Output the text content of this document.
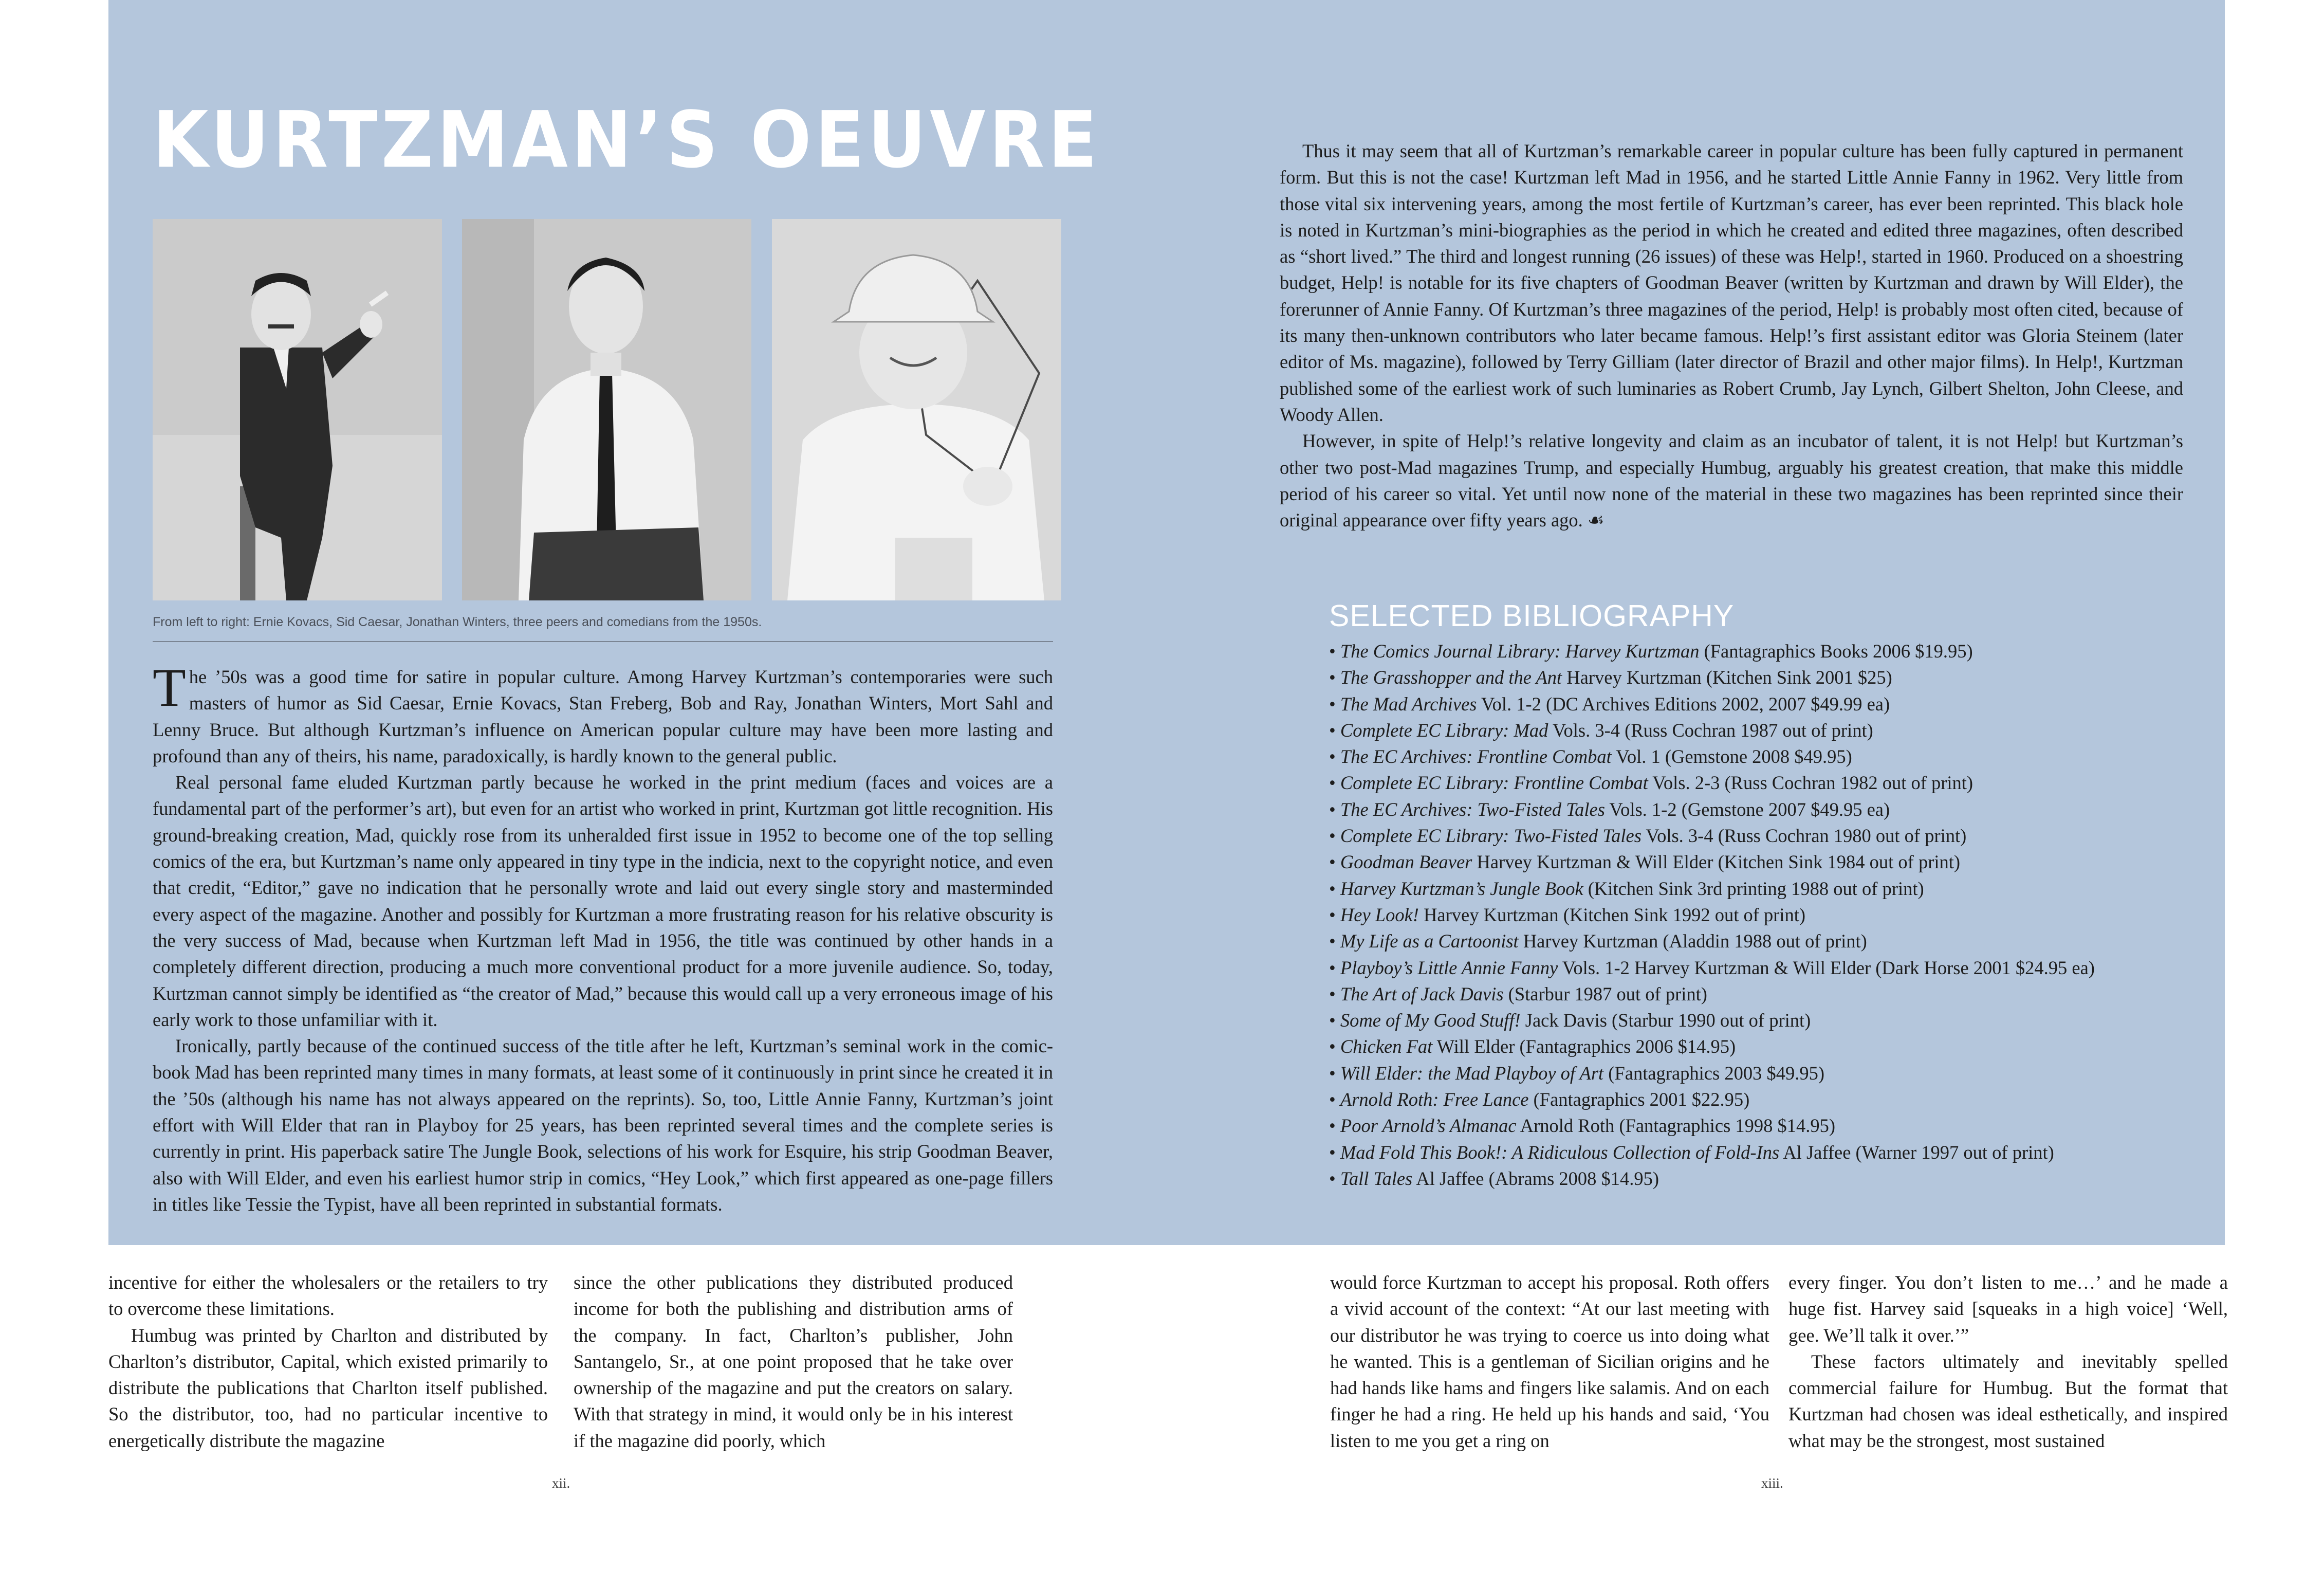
KURTZMAN’S OEUVRE
From left to right: Ernie Kovacs, Sid Caesar, Jonathan Winters, three peers and comedians from the 1950s.

The ’50s was a good time for satire in popular culture. Among Harvey Kurtzman’s contemporaries were such masters of humor as Sid Caesar, Ernie Kovacs, Stan Freberg, Bob and Ray, Jonathan Winters, Mort Sahl and Lenny Bruce. But although Kurtzman’s influence on American popular culture may have been more lasting and profound than any of theirs, his name, paradoxically, is hardly known to the general public.

Real personal fame eluded Kurtzman partly because he worked in the print medium (faces and voices are a fundamental part of the performer’s art), but even for an artist who worked in print, Kurtzman got little recognition. His ground-breaking creation, Mad, quickly rose from its unheralded first issue in 1952 to become one of the top selling comics of the era, but Kurtzman’s name only appeared in tiny type in the indicia, next to the copyright notice, and even that credit, “Editor,” gave no indication that he personally wrote and laid out every single story and masterminded every aspect of the magazine. Another and possibly for Kurtzman a more frustrating reason for his relative obscurity is the very success of Mad, because when Kurtzman left Mad in 1956, the title was continued by other hands in a completely different direction, producing a much more conventional product for a more juvenile audience. So, today, Kurtzman cannot simply be identified as “the creator of Mad,” because this would call up a very erroneous image of his early work to those unfamiliar with it.

Ironically, partly because of the continued success of the title after he left, Kurtzman’s seminal work in the comic-book Mad has been reprinted many times in many formats, at least some of it continuously in print since he created it in the ’50s (although his name has not always appeared on the reprints). So, too, Little Annie Fanny, Kurtzman’s joint effort with Will Elder that ran in Playboy for 25 years, has been reprinted several times and the complete series is currently in print. His paperback satire The Jungle Book, selections of his work for Esquire, his strip Goodman Beaver, also with Will Elder, and even his earliest humor strip in comics, “Hey Look,” which first appeared as one-page fillers in titles like Tessie the Typist, have all been reprinted in substantial formats.

Thus it may seem that all of Kurtzman’s remarkable career in popular culture has been fully captured in permanent form. But this is not the case! Kurtzman left Mad in 1956, and he started Little Annie Fanny in 1962. Very little from those vital six intervening years, among the most fertile of Kurtzman’s career, has ever been reprinted. This black hole is noted in Kurtzman’s mini-biographies as the period in which he created and edited three magazines, often described as “short lived.” The third and longest running (26 issues) of these was Help!, started in 1960. Produced on a shoestring budget, Help! is notable for its five chapters of Goodman Beaver (written by Kurtzman and drawn by Will Elder), the forerunner of Annie Fanny. Of Kurtzman’s three magazines of the period, Help! is probably most often cited, because of its many then-unknown contributors who later became famous. Help!’s first assistant editor was Gloria Steinem (later editor of Ms. magazine), followed by Terry Gilliam (later director of Brazil and other major films). In Help!, Kurtzman published some of the earliest work of such luminaries as Robert Crumb, Jay Lynch, Gilbert Shelton, John Cleese, and Woody Allen.

However, in spite of Help!’s relative longevity and claim as an incubator of talent, it is not Help! but Kurtzman’s other two post-Mad magazines Trump, and especially Humbug, arguably his greatest creation, that make this middle period of his career so vital. Yet until now none of the material in these two magazines has been reprinted since their original appearance over fifty years ago. ☙

SELECTED BIBLIOGRAPHY
• The Comics Journal Library: Harvey Kurtzman (Fantagraphics Books 2006 $19.95)
• The Grasshopper and the Ant Harvey Kurtzman (Kitchen Sink 2001 $25)
• The Mad Archives Vol. 1-2 (DC Archives Editions 2002, 2007 $49.99 ea)
• Complete EC Library: Mad Vols. 3-4 (Russ Cochran 1987 out of print)
• The EC Archives: Frontline Combat Vol. 1 (Gemstone 2008 $49.95)
• Complete EC Library: Frontline Combat Vols. 2-3 (Russ Cochran 1982 out of print)
• The EC Archives: Two-Fisted Tales Vols. 1-2 (Gemstone 2007 $49.95 ea)
• Complete EC Library: Two-Fisted Tales Vols. 3-4 (Russ Cochran 1980 out of print)
• Goodman Beaver Harvey Kurtzman & Will Elder (Kitchen Sink 1984 out of print)
• Harvey Kurtzman’s Jungle Book (Kitchen Sink 3rd printing 1988 out of print)
• Hey Look! Harvey Kurtzman (Kitchen Sink 1992 out of print)
• My Life as a Cartoonist Harvey Kurtzman (Aladdin 1988 out of print)
• Playboy’s Little Annie Fanny Vols. 1-2 Harvey Kurtzman & Will Elder (Dark Horse 2001 $24.95 ea)
• The Art of Jack Davis (Starbur 1987 out of print)
• Some of My Good Stuff! Jack Davis (Starbur 1990 out of print)
• Chicken Fat Will Elder (Fantagraphics 2006 $14.95)
• Will Elder: the Mad Playboy of Art (Fantagraphics 2003 $49.95)
• Arnold Roth: Free Lance (Fantagraphics 2001 $22.95)
• Poor Arnold’s Almanac Arnold Roth (Fantagraphics 1998 $14.95)
• Mad Fold This Book!: A Ridiculous Collection of Fold-Ins Al Jaffee (Warner 1997 out of print)
• Tall Tales Al Jaffee (Abrams 2008 $14.95)

incentive for either the wholesalers or the retailers to try to overcome these limitations.

Humbug was printed by Charlton and distributed by Charlton’s distributor, Capital, which existed primarily to distribute the publications that Charlton itself published. So the distributor, too, had no particular incentive to energetically distribute the magazine

since the other publications they distributed produced income for both the publishing and distribution arms of the company. In fact, Charlton’s publisher, John Santangelo, Sr., at one point proposed that he take over ownership of the magazine and put the creators on salary. With that strategy in mind, it would only be in his interest if the magazine did poorly, which

would force Kurtzman to accept his proposal. Roth offers a vivid account of the context: “At our last meeting with our distributor he was trying to coerce us into doing what he wanted. This is a gentleman of Sicilian origins and he had hands like hams and fingers like salamis. And on each finger he had a ring. He held up his hands and said, ‘You listen to me you get a ring on

every finger. You don’t listen to me…’ and he made a huge fist. Harvey said [squeaks in a high voice] ‘Well, gee. We’ll talk it over.’”

These factors ultimately and inevitably spelled commercial failure for Humbug. But the format that Kurtzman had chosen was ideal esthetically, and inspired what may be the strongest, most sustained

xii.	xiii.
